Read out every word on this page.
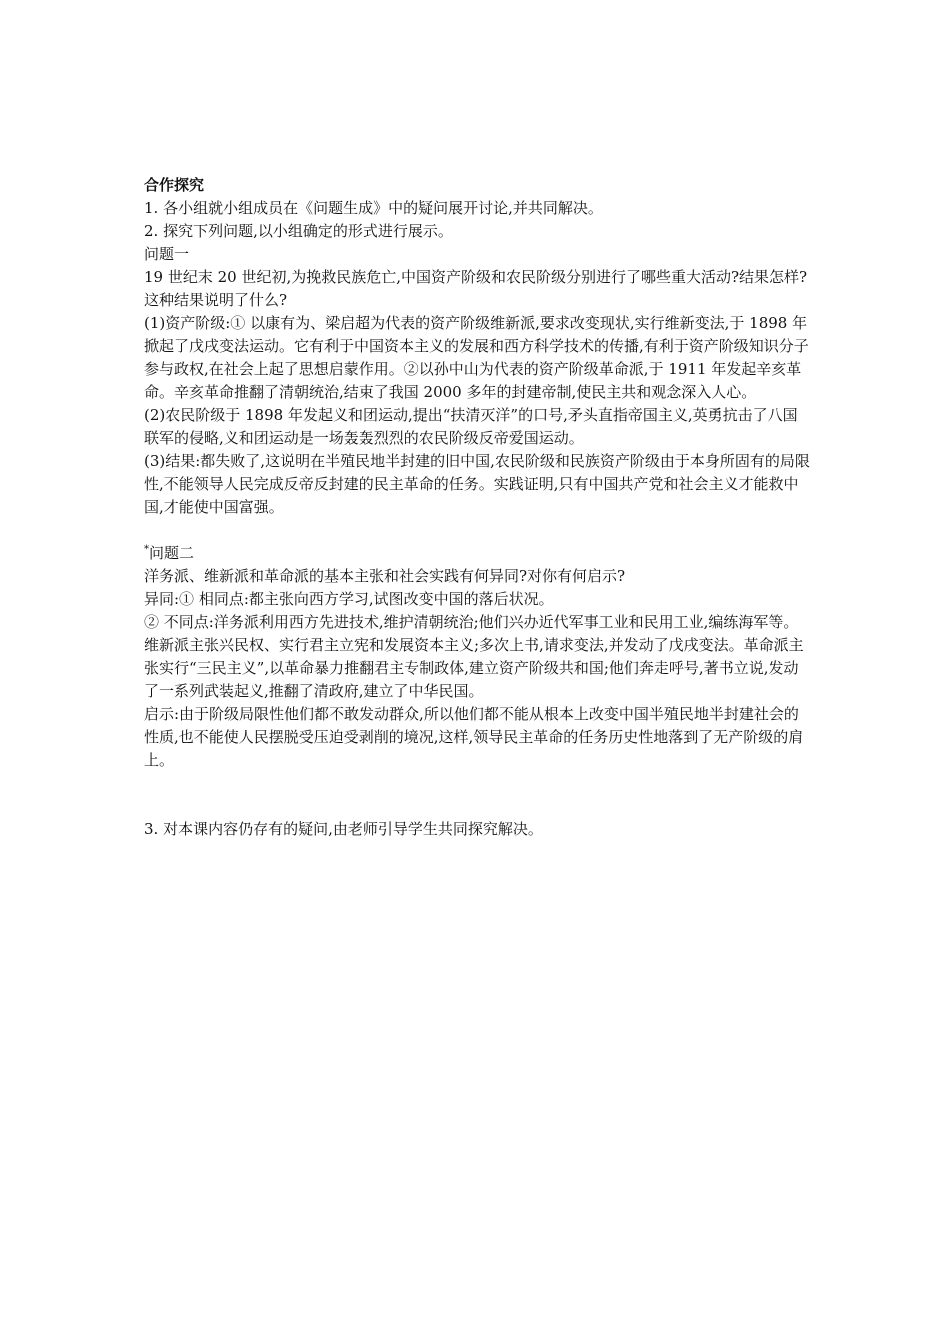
合作探究

1. 各小组就小组成员在《问题生成》中的疑问展开讨论,并共同解决。

2. 探究下列问题,以小组确定的形式进行展示。

问题一

19 世纪末 20 世纪初,为挽救民族危亡,中国资产阶级和农民阶级分别进行了哪些重大活动?结果怎样?这种结果说明了什么?

(1)资产阶级:① 以康有为、梁启超为代表的资产阶级维新派,要求改变现状,实行维新变法,于 1898 年掀起了戊戌变法运动。它有利于中国资本主义的发展和西方科学技术的传播,有利于资产阶级知识分子参与政权,在社会上起了思想启蒙作用。②以孙中山为代表的资产阶级革命派,于 1911 年发起辛亥革命。辛亥革命推翻了清朝统治,结束了我国 2000 多年的封建帝制,使民主共和观念深入人心。

(2)农民阶级于 1898 年发起义和团运动,提出“扶清灭洋”的口号,矛头直指帝国主义,英勇抗击了八国联军的侵略,义和团运动是一场轰轰烈烈的农民阶级反帝爱国运动。

(3)结果:都失败了,这说明在半殖民地半封建的旧中国,农民阶级和民族资产阶级由于本身所固有的局限性,不能领导人民完成反帝反封建的民主革命的任务。实践证明,只有中国共产党和社会主义才能救中国,才能使中国富强。

*问题二

洋务派、维新派和革命派的基本主张和社会实践有何异同?对你有何启示?

异同:① 相同点:都主张向西方学习,试图改变中国的落后状况。

② 不同点:洋务派利用西方先进技术,维护清朝统治;他们兴办近代军事工业和民用工业,编练海军等。维新派主张兴民权、实行君主立宪和发展资本主义;多次上书,请求变法,并发动了戊戌变法。革命派主张实行“三民主义”,以革命暴力推翻君主专制政体,建立资产阶级共和国;他们奔走呼号,著书立说,发动了一系列武装起义,推翻了清政府,建立了中华民国。

启示:由于阶级局限性他们都不敢发动群众,所以他们都不能从根本上改变中国半殖民地半封建社会的性质,也不能使人民摆脱受压迫受剥削的境况,这样,领导民主革命的任务历史性地落到了无产阶级的肩上。

3. 对本课内容仍存有的疑问,由老师引导学生共同探究解决。
